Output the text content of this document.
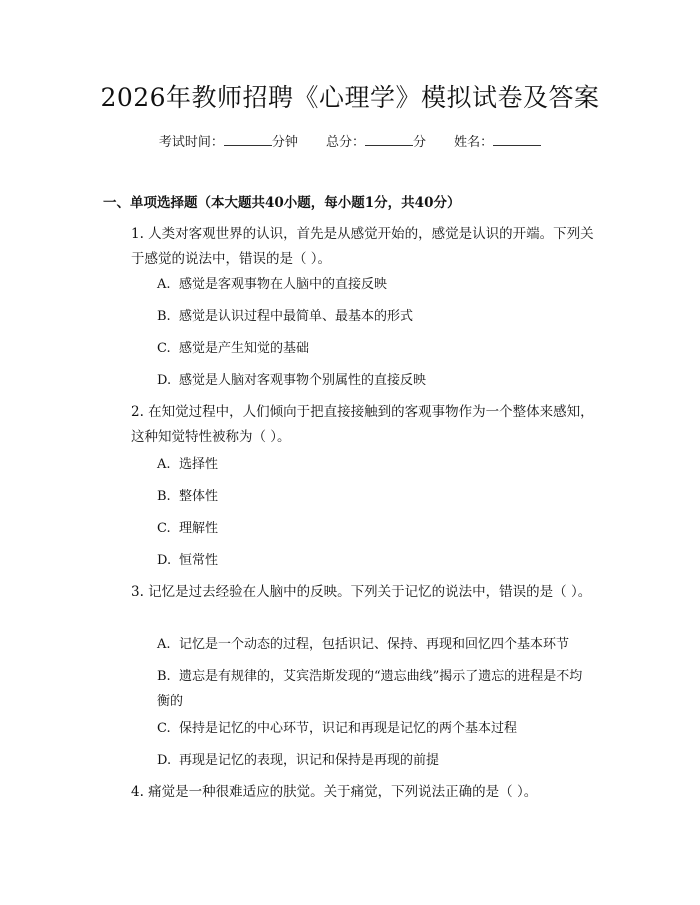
2026年教师招聘《心理学》模拟试卷及答案
考试时间：	分钟 总分：	分 姓名：
一、单项选择题（本大题共40小题，每小题1分，共40分）
1. 人类对客观世界的认识，首先是从感觉开始的，感觉是认识的开端。下列关于感觉的说法中，错误的是（ ）。
A. 感觉是客观事物在人脑中的直接反映
B. 感觉是认识过程中最简单、最基本的形式
C. 感觉是产生知觉的基础
D. 感觉是人脑对客观事物个别属性的直接反映
2. 在知觉过程中，人们倾向于把直接接触到的客观事物作为一个整体来感知，这种知觉特性被称为（ ）。
A. 选择性
B. 整体性
C. 理解性
D. 恒常性
3. 记忆是过去经验在人脑中的反映。下列关于记忆的说法中，错误的是（ ）。
A. 记忆是一个动态的过程，包括识记、保持、再现和回忆四个基本环节
B. 遗忘是有规律的，艾宾浩斯发现的“遗忘曲线”揭示了遗忘的进程是不均衡的
C. 保持是记忆的中心环节，识记和再现是记忆的两个基本过程
D. 再现是记忆的表现，识记和保持是再现的前提
4. 痛觉是一种很难适应的肤觉。关于痛觉，下列说法正确的是（ ）。
